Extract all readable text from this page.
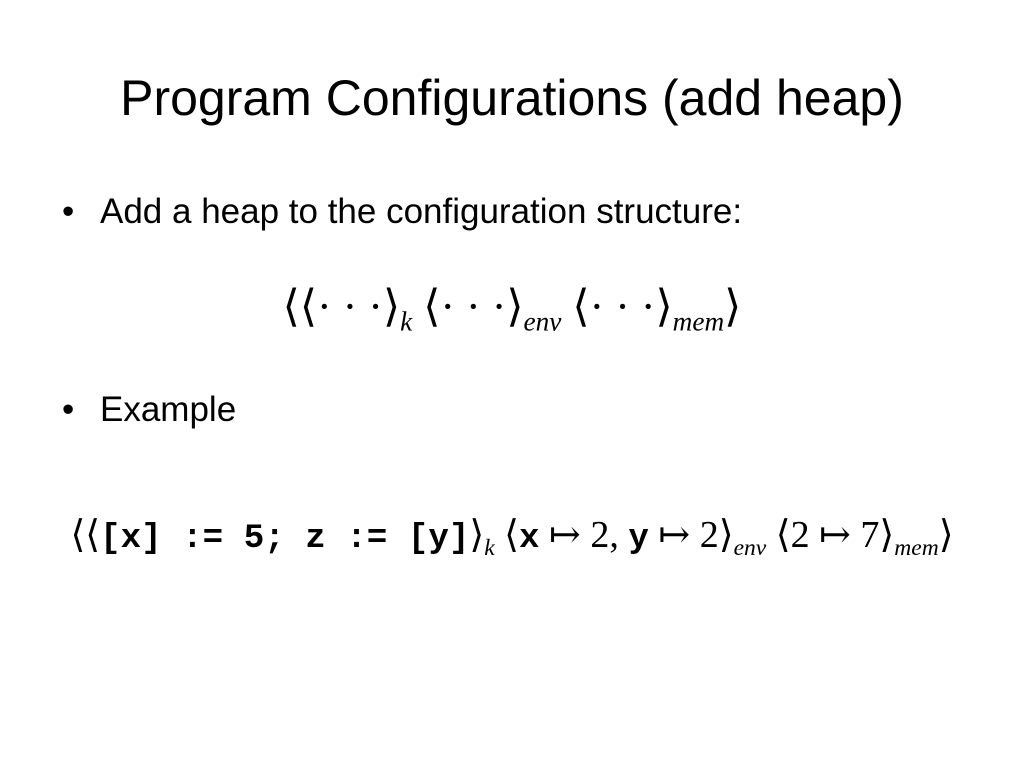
Program Configurations (add heap)
• Add a heap to the configuration structure:
⟨⟨· · $\cdot⟩_k$ ⟨· · $\cdot⟩_{env}$ ⟨· · $\cdot⟩_{mem}⟩$
• Example
⟨⟨[x] := 5; z := $[y]⟩_k$ ⟨x ↦ 2, y ↦ $2⟩_{env}$ ⟨2 ↦ $7⟩_{mem}⟩$
